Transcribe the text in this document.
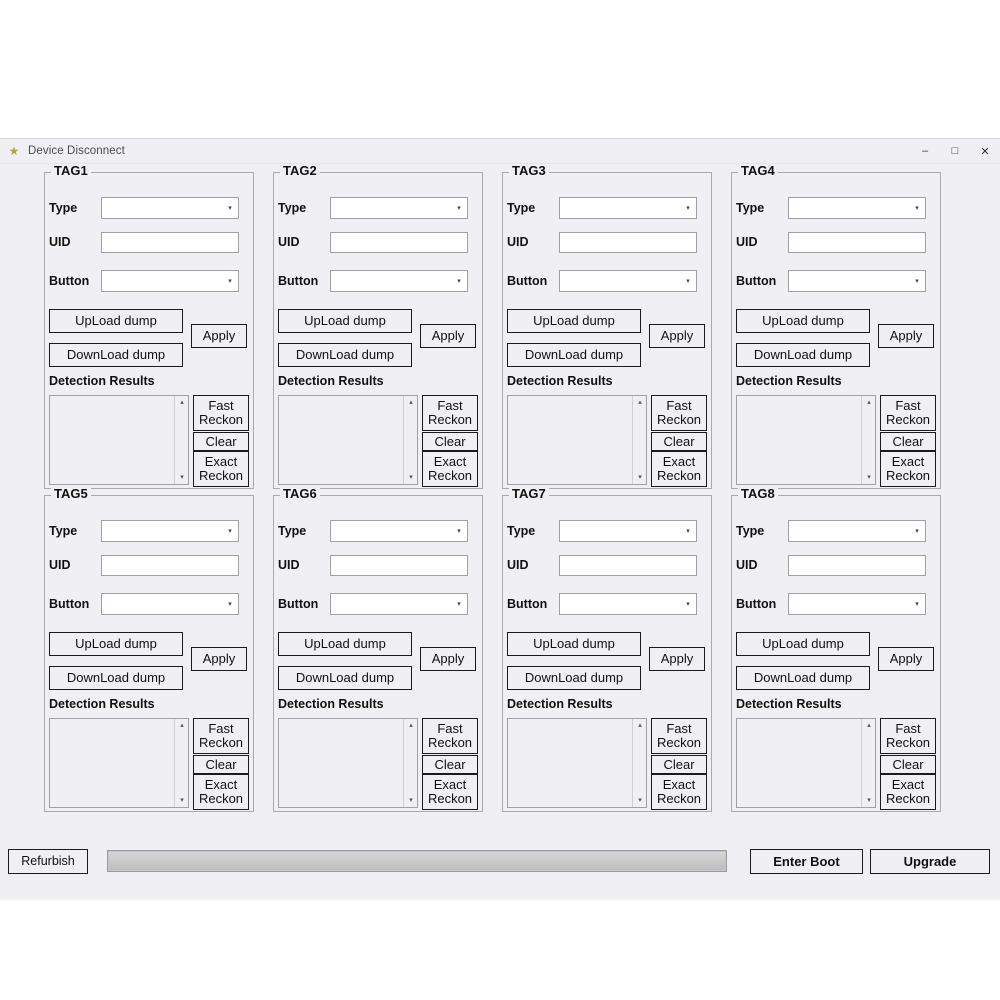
★ Device Disconnect	–	□	✕
TAG1
Type	▾
UID
Button	▾
UpLoad dump
DownLoad dump
Apply
Detection Results
▴
▾
Fast Reckon
Clear
Exact Reckon
TAG2
Type	▾
UID
Button	▾
UpLoad dump
DownLoad dump
Apply
Detection Results
▴
▾
Fast Reckon
Clear
Exact Reckon
TAG3
Type	▾
UID
Button	▾
UpLoad dump
DownLoad dump
Apply
Detection Results
▴
▾
Fast Reckon
Clear
Exact Reckon
TAG4
Type	▾
UID
Button	▾
UpLoad dump
DownLoad dump
Apply
Detection Results
▴
▾
Fast Reckon
Clear
Exact Reckon
TAG5
Type	▾
UID
Button	▾
UpLoad dump
DownLoad dump
Apply
Detection Results
▴
▾
Fast Reckon
Clear
Exact Reckon
TAG6
Type	▾
UID
Button	▾
UpLoad dump
DownLoad dump
Apply
Detection Results
▴
▾
Fast Reckon
Clear
Exact Reckon
TAG7
Type	▾
UID
Button	▾
UpLoad dump
DownLoad dump
Apply
Detection Results
▴
▾
Fast Reckon
Clear
Exact Reckon
TAG8
Type	▾
UID
Button	▾
UpLoad dump
DownLoad dump
Apply
Detection Results
▴
▾
Fast Reckon
Clear
Exact Reckon
Refurbish	Enter Boot	Upgrade
